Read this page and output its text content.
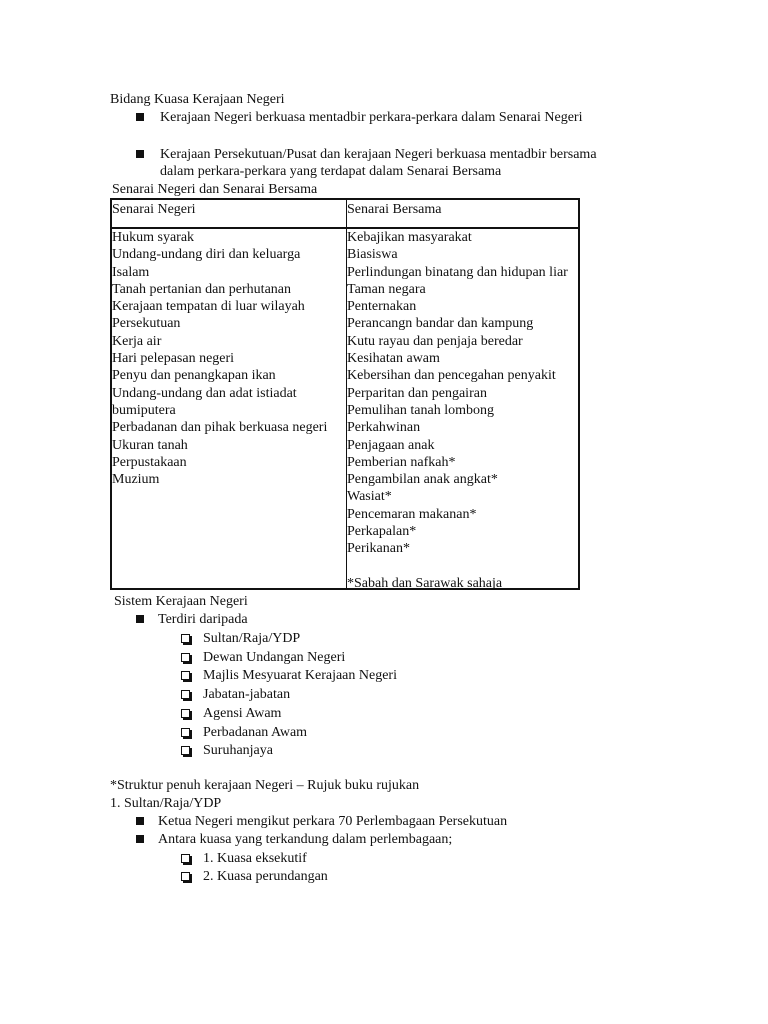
Bidang Kuasa Kerajaan Negeri
Kerajaan Negeri berkuasa mentadbir perkara-perkara dalam Senarai Negeri
Kerajaan Persekutuan/Pusat dan kerajaan Negeri berkuasa mentadbir bersama
dalam perkara-perkara yang terdapat dalam Senarai Bersama
Senarai Negeri dan Senarai Bersama
Senarai Negeri	Senarai Bersama
Hukum syarak
Undang-undang diri dan keluarga
Isalam
Tanah pertanian dan perhutanan
Kerajaan tempatan di luar wilayah
Persekutuan
Kerja air
Hari pelepasan negeri
Penyu dan penangkapan ikan
Undang-undang dan adat istiadat
bumiputera
Perbadanan dan pihak berkuasa negeri
Ukuran tanah
Perpustakaan
Muzium
Kebajikan masyarakat
Biasiswa
Perlindungan binatang dan hidupan liar
Taman negara
Penternakan
Perancangn bandar dan kampung
Kutu rayau dan penjaja beredar
Kesihatan awam
Kebersihan dan pencegahan penyakit
Perparitan dan pengairan
Pemulihan tanah lombong
Perkahwinan
Penjagaan anak
Pemberian nafkah*
Pengambilan anak angkat*
Wasiat*
Pencemaran makanan*
Perkapalan*
Perikanan*
*Sabah dan Sarawak sahaja
Sistem Kerajaan Negeri
Terdiri daripada
Sultan/Raja/YDP
Dewan Undangan Negeri
Majlis Mesyuarat Kerajaan Negeri
Jabatan-jabatan
Agensi Awam
Perbadanan Awam
Suruhanjaya
*Struktur penuh kerajaan Negeri – Rujuk buku rujukan
1. Sultan/Raja/YDP
Ketua Negeri mengikut perkara 70 Perlembagaan Persekutuan
Antara kuasa yang terkandung dalam perlembagaan;
1. Kuasa eksekutif
2. Kuasa perundangan
